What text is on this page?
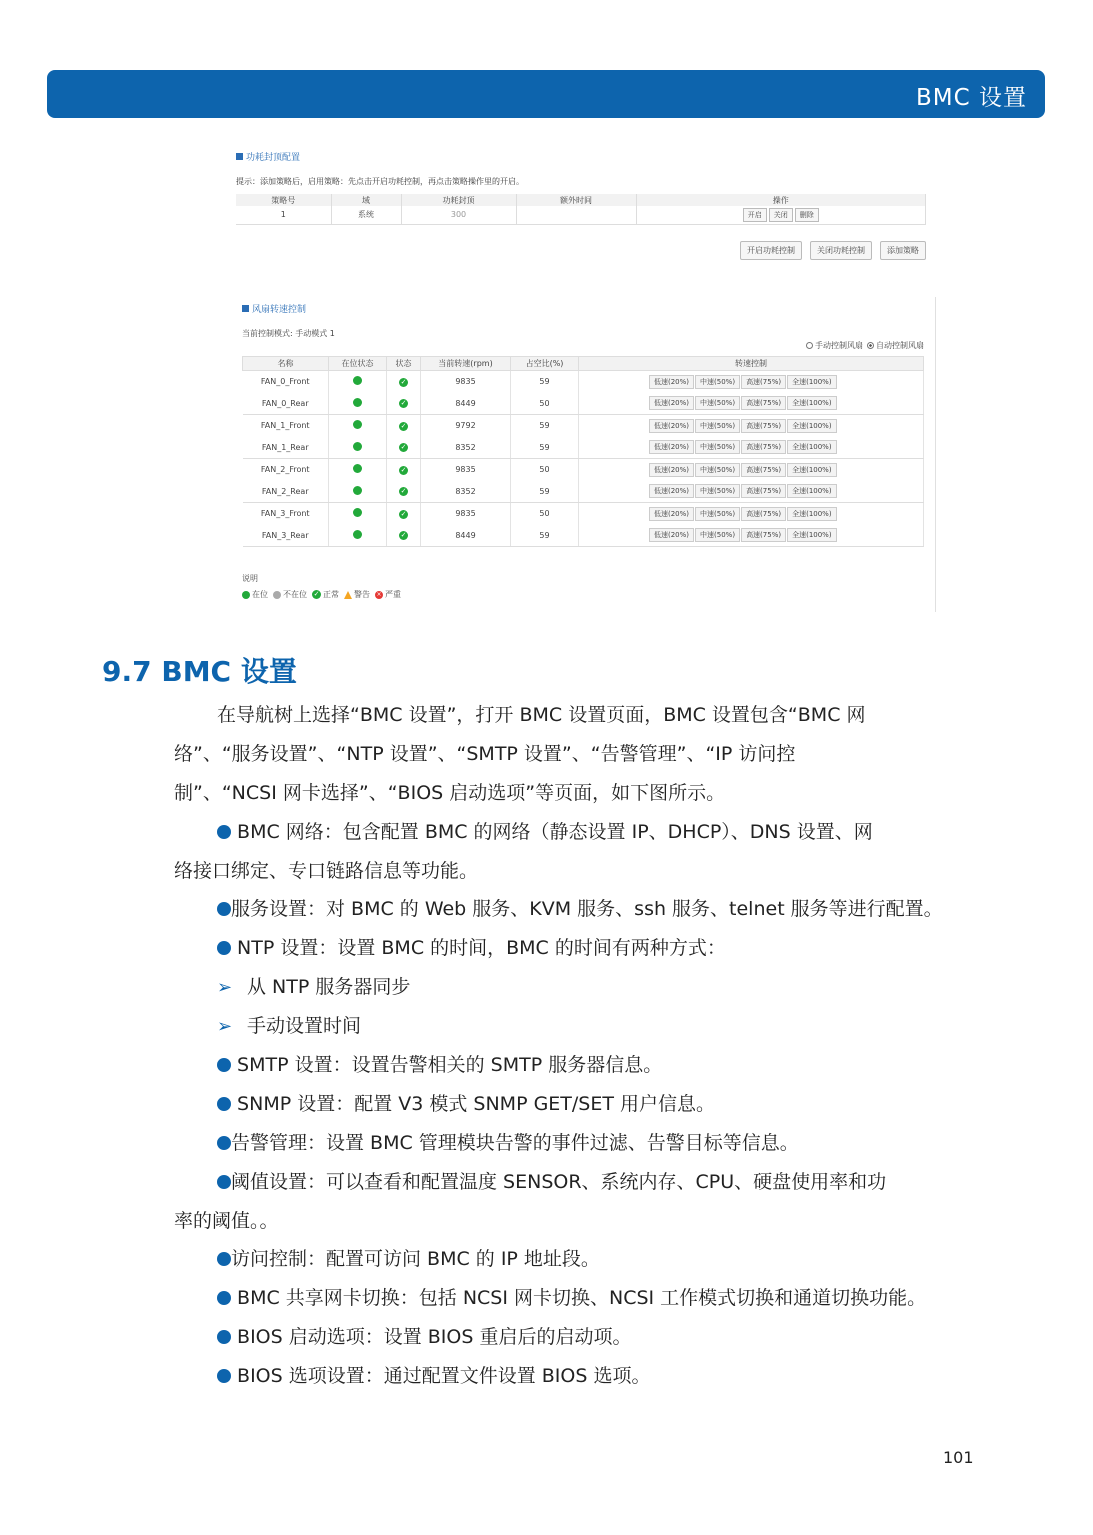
BMC 设置
功耗封顶配置
提示：添加策略后，启用策略：先点击开启功耗控制，再点击策略操作里的开启。
策略号	域	功耗封顶	额外时间	操作
1	系统	300		开启 关闭 删除
开启功耗控制	关闭功耗控制	添加策略
风扇转速控制
当前控制模式: 手动模式 1
手动控制风扇	自动控制风扇
名称	在位状态	状态	当前转速(rpm)	占空比(%)	转速控制
FAN_0_Front		✓	9835	59	低速(20%) 中速(50%) 高速(75%) 全速(100%)
FAN_0_Rear		✓	8449	50	低速(20%) 中速(50%) 高速(75%) 全速(100%)
FAN_1_Front		✓	9792	59	低速(20%) 中速(50%) 高速(75%) 全速(100%)
FAN_1_Rear		✓	8352	59	低速(20%) 中速(50%) 高速(75%) 全速(100%)
FAN_2_Front		✓	9835	50	低速(20%) 中速(50%) 高速(75%) 全速(100%)
FAN_2_Rear		✓	8352	59	低速(20%) 中速(50%) 高速(75%) 全速(100%)
FAN_3_Front		✓	9835	50	低速(20%) 中速(50%) 高速(75%) 全速(100%)
FAN_3_Rear		✓	8449	59	低速(20%) 中速(50%) 高速(75%) 全速(100%)
说明
在位 不在位 ✓ 正常 警告 × 严重
9.7 BMC 设置
在导航树上选择“BMC 设置”，打开 BMC 设置页面，BMC 设置包含“BMC 网
络”、“服务设置”、“NTP 设置”、“SMTP 设置”、“告警管理”、“IP 访问控
制”、“NCSI 网卡选择”、“BIOS 启动选项”等页面，如下图所示。
BMC 网络：包含配置 BMC 的网络（静态设置 IP、DHCP）、DNS 设置、网
络接口绑定、专口链路信息等功能。
服务设置：对 BMC 的 Web 服务、KVM 服务、ssh 服务、telnet 服务等进行配置。
NTP 设置：设置 BMC 的时间，BMC 的时间有两种方式：
➢ 从 NTP 服务器同步
➢ 手动设置时间
SMTP 设置：设置告警相关的 SMTP 服务器信息。
SNMP 设置：配置 V3 模式 SNMP GET/SET 用户信息。
告警管理：设置 BMC 管理模块告警的事件过滤、告警目标等信息。
阈值设置：可以查看和配置温度 SENSOR、系统内存、CPU、硬盘使用率和功
率的阈值。。
访问控制：配置可访问 BMC 的 IP 地址段。
BMC 共享网卡切换：包括 NCSI 网卡切换、NCSI 工作模式切换和通道切换功能。
BIOS 启动选项：设置 BIOS 重启后的启动项。
BIOS 选项设置：通过配置文件设置 BIOS 选项。
101
